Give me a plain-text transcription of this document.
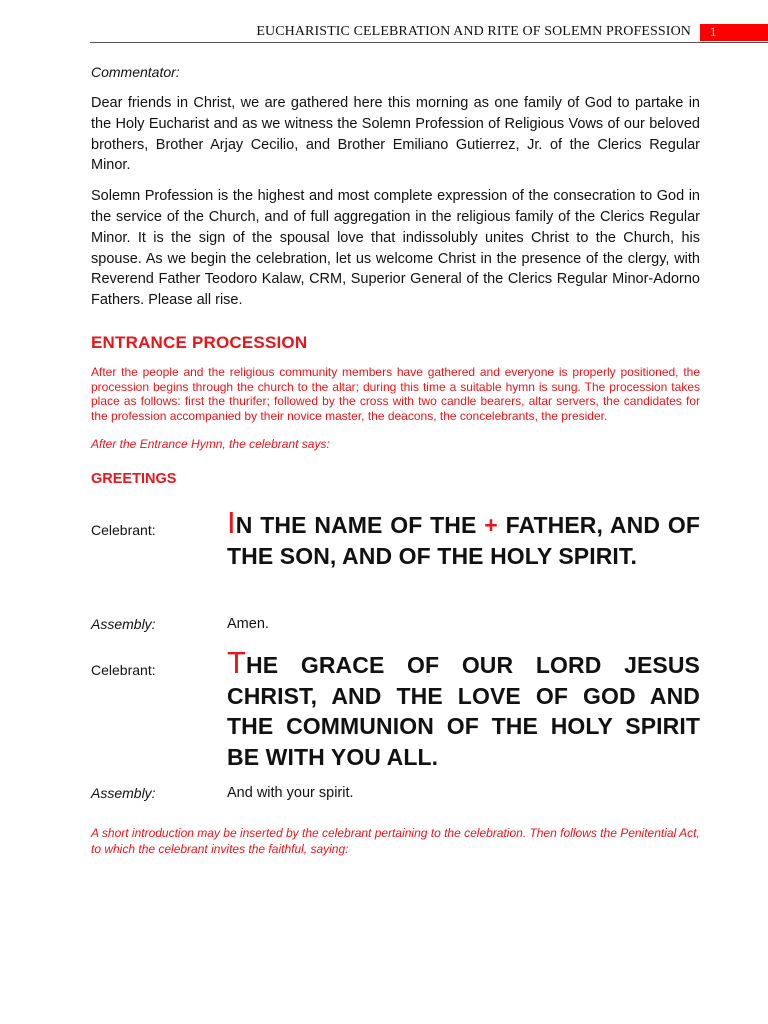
EUCHARISTIC CELEBRATION AND RITE OF SOLEMN PROFESSION 1

Commentator:

Dear friends in Christ, we are gathered here this morning as one family of God to partake in the Holy Eucharist and as we witness the Solemn Profession of Religious Vows of our beloved brothers, Brother Arjay Cecilio, and Brother Emiliano Gutierrez, Jr. of the Clerics Regular Minor.

Solemn Profession is the highest and most complete expression of the consecration to God in the service of the Church, and of full aggregation in the religious family of the Clerics Regular Minor. It is the sign of the spousal love that indissolubly unites Christ to the Church, his spouse. As we begin the celebration, let us welcome Christ in the presence of the clergy, with Reverend Father Teodoro Kalaw, CRM, Superior General of the Clerics Regular Minor-Adorno Fathers. Please all rise.

ENTRANCE PROCESSION

After the people and the religious community members have gathered and everyone is properly positioned, the procession begins through the church to the altar; during this time a suitable hymn is sung. The procession takes place as follows: first the thurifer; followed by the cross with two candle bearers, altar servers, the candidates for the profession accompanied by their novice master, the deacons, the concelebrants, the presider.

After the Entrance Hymn, the celebrant says:

GREETINGS
Celebrant: IN THE NAME OF THE + FATHER, AND OF THE SON, AND OF THE HOLY SPIRIT.
Assembly:	Amen.
Celebrant: THE GRACE OF OUR LORD JESUS CHRIST, AND THE LOVE OF GOD AND THE COMMUNION OF THE HOLY SPIRIT BE WITH YOU ALL.
Assembly:	And with your spirit.

A short introduction may be inserted by the celebrant pertaining to the celebration. Then follows the Penitential Act, to which the celebrant invites the faithful, saying:
